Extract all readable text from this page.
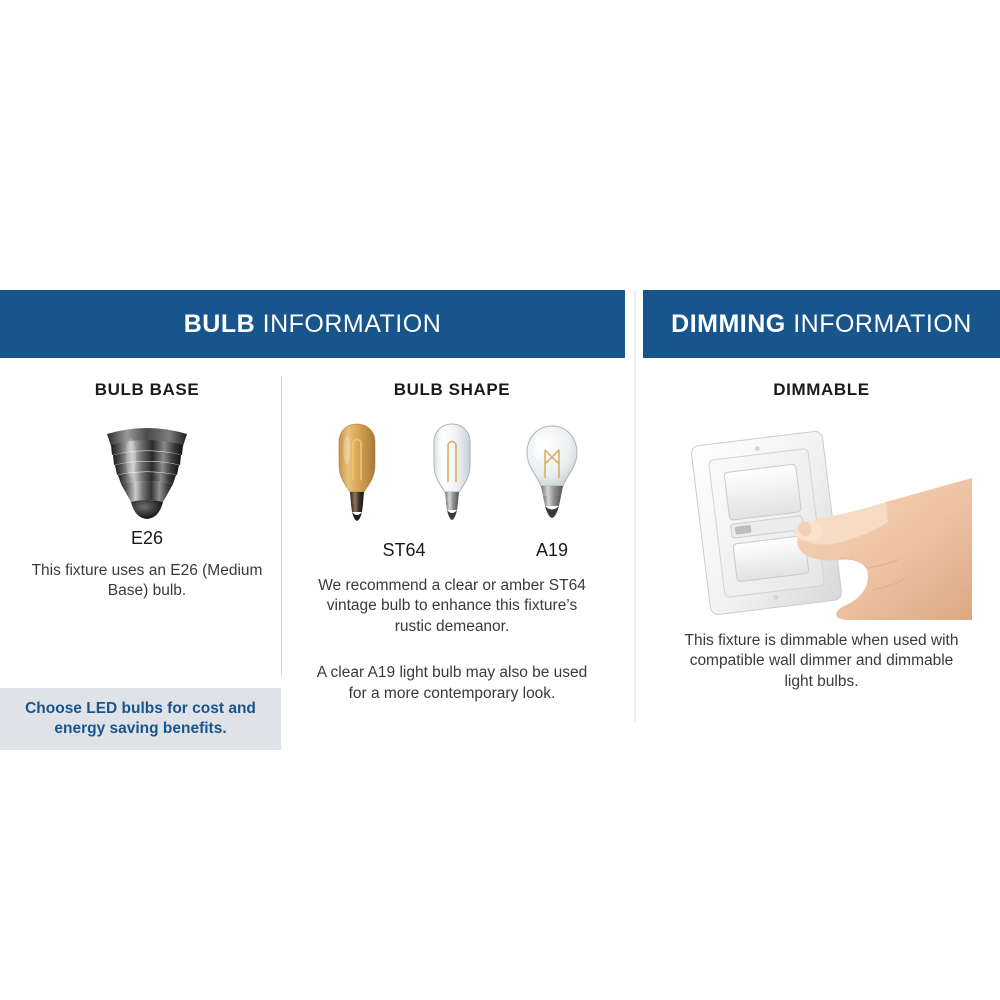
BULB INFORMATION
BULB BASE
E26

This fixture uses an E26 (Medium Base) bulb.

BULB SHAPE
ST64	A19

We recommend a clear or amber ST64 vintage bulb to enhance this fixture’s rustic demeanor.

A clear A19 light bulb may also be used for a more contemporary look.

Choose LED bulbs for cost and energy saving benefits.

DIMMING INFORMATION
DIMMABLE

This fixture is dimmable when used with compatible wall dimmer and dimmable light bulbs.
